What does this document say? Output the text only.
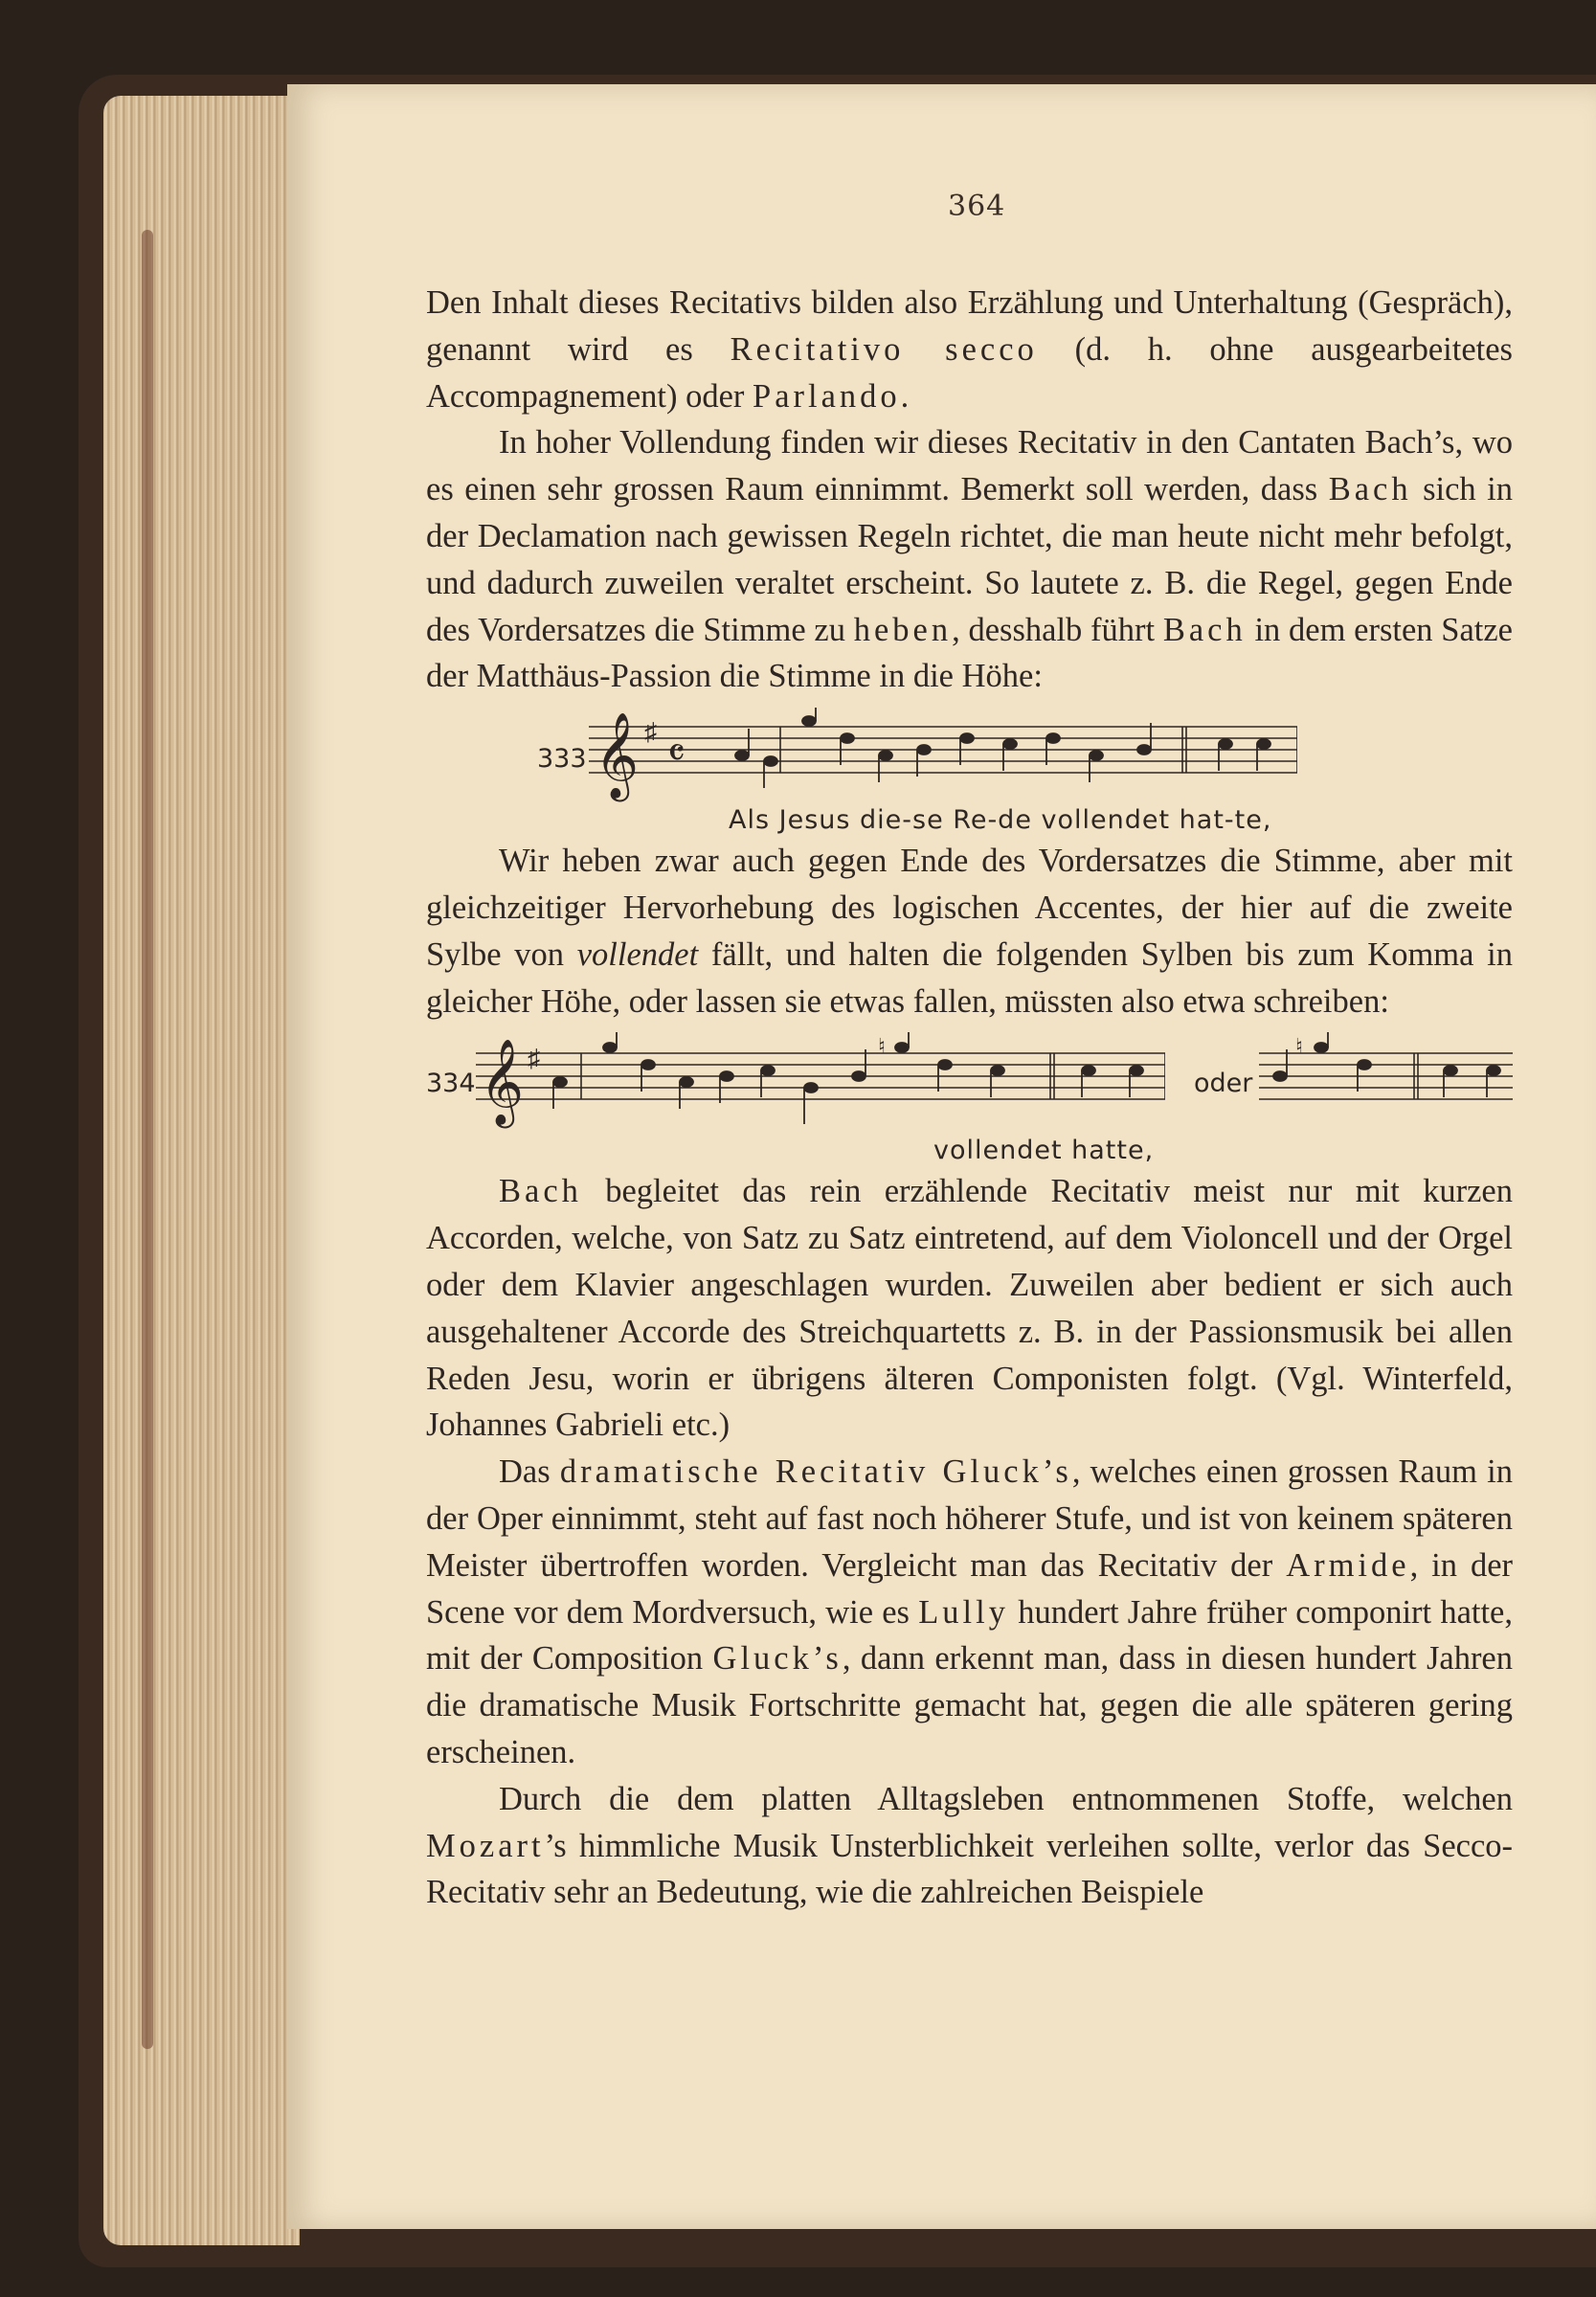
364

Den Inhalt dieses Recitativs bilden also Erzählung und Unterhaltung (Gespräch), genannt wird es Recitativo secco (d. h. ohne ausgearbeitetes Accompagnement) oder Parlando.

In hoher Vollendung finden wir dieses Recitativ in den Cantaten Bach’s, wo es einen sehr grossen Raum einnimmt. Bemerkt soll werden, dass Bach sich in der Declamation nach gewissen Regeln richtet, die man heute nicht mehr befolgt, und dadurch zuweilen veraltet erscheint. So lautete z. B. die Regel, gegen Ende des Vordersatzes die Stimme zu heben, desshalb führt Bach in dem ersten Satze der Matthäus-Passion die Stimme in die Höhe:

333 𝄞 ♯ 𝄴
Als Jesus die-se Re-de vollendet hat-te,

Wir heben zwar auch gegen Ende des Vordersatzes die Stimme, aber mit gleichzeitiger Hervorhebung des logischen Accentes, der hier auf die zweite Sylbe von vollendet fällt, und halten die folgenden Sylben bis zum Komma in gleicher Höhe, oder lassen sie etwas fallen, müssten also etwa schreiben:

334 𝄞 ♯	♮
oder
♮
vollendet hatte,

Bach begleitet das rein erzählende Recitativ meist nur mit kurzen Accorden, welche, von Satz zu Satz eintretend, auf dem Violoncell und der Orgel oder dem Klavier angeschlagen wurden. Zuweilen aber bedient er sich auch ausgehaltener Accorde des Streichquartetts z. B. in der Passionsmusik bei allen Reden Jesu, worin er übrigens älteren Componisten folgt. (Vgl. Winterfeld, Johannes Gabrieli etc.)

Das dramatische Recitativ Gluck’s, welches einen grossen Raum in der Oper einnimmt, steht auf fast noch höherer Stufe, und ist von keinem späteren Meister übertroffen worden. Vergleicht man das Recitativ der Armide, in der Scene vor dem Mordversuch, wie es Lully hundert Jahre früher componirt hatte, mit der Composition Gluck’s, dann erkennt man, dass in diesen hundert Jahren die dramatische Musik Fortschritte gemacht hat, gegen die alle späteren gering erscheinen.

Durch die dem platten Alltagsleben entnommenen Stoffe, welchen Mozart’s himmliche Musik Unsterblichkeit verleihen sollte, verlor das Secco-Recitativ sehr an Bedeutung, wie die zahlreichen Beispiele
